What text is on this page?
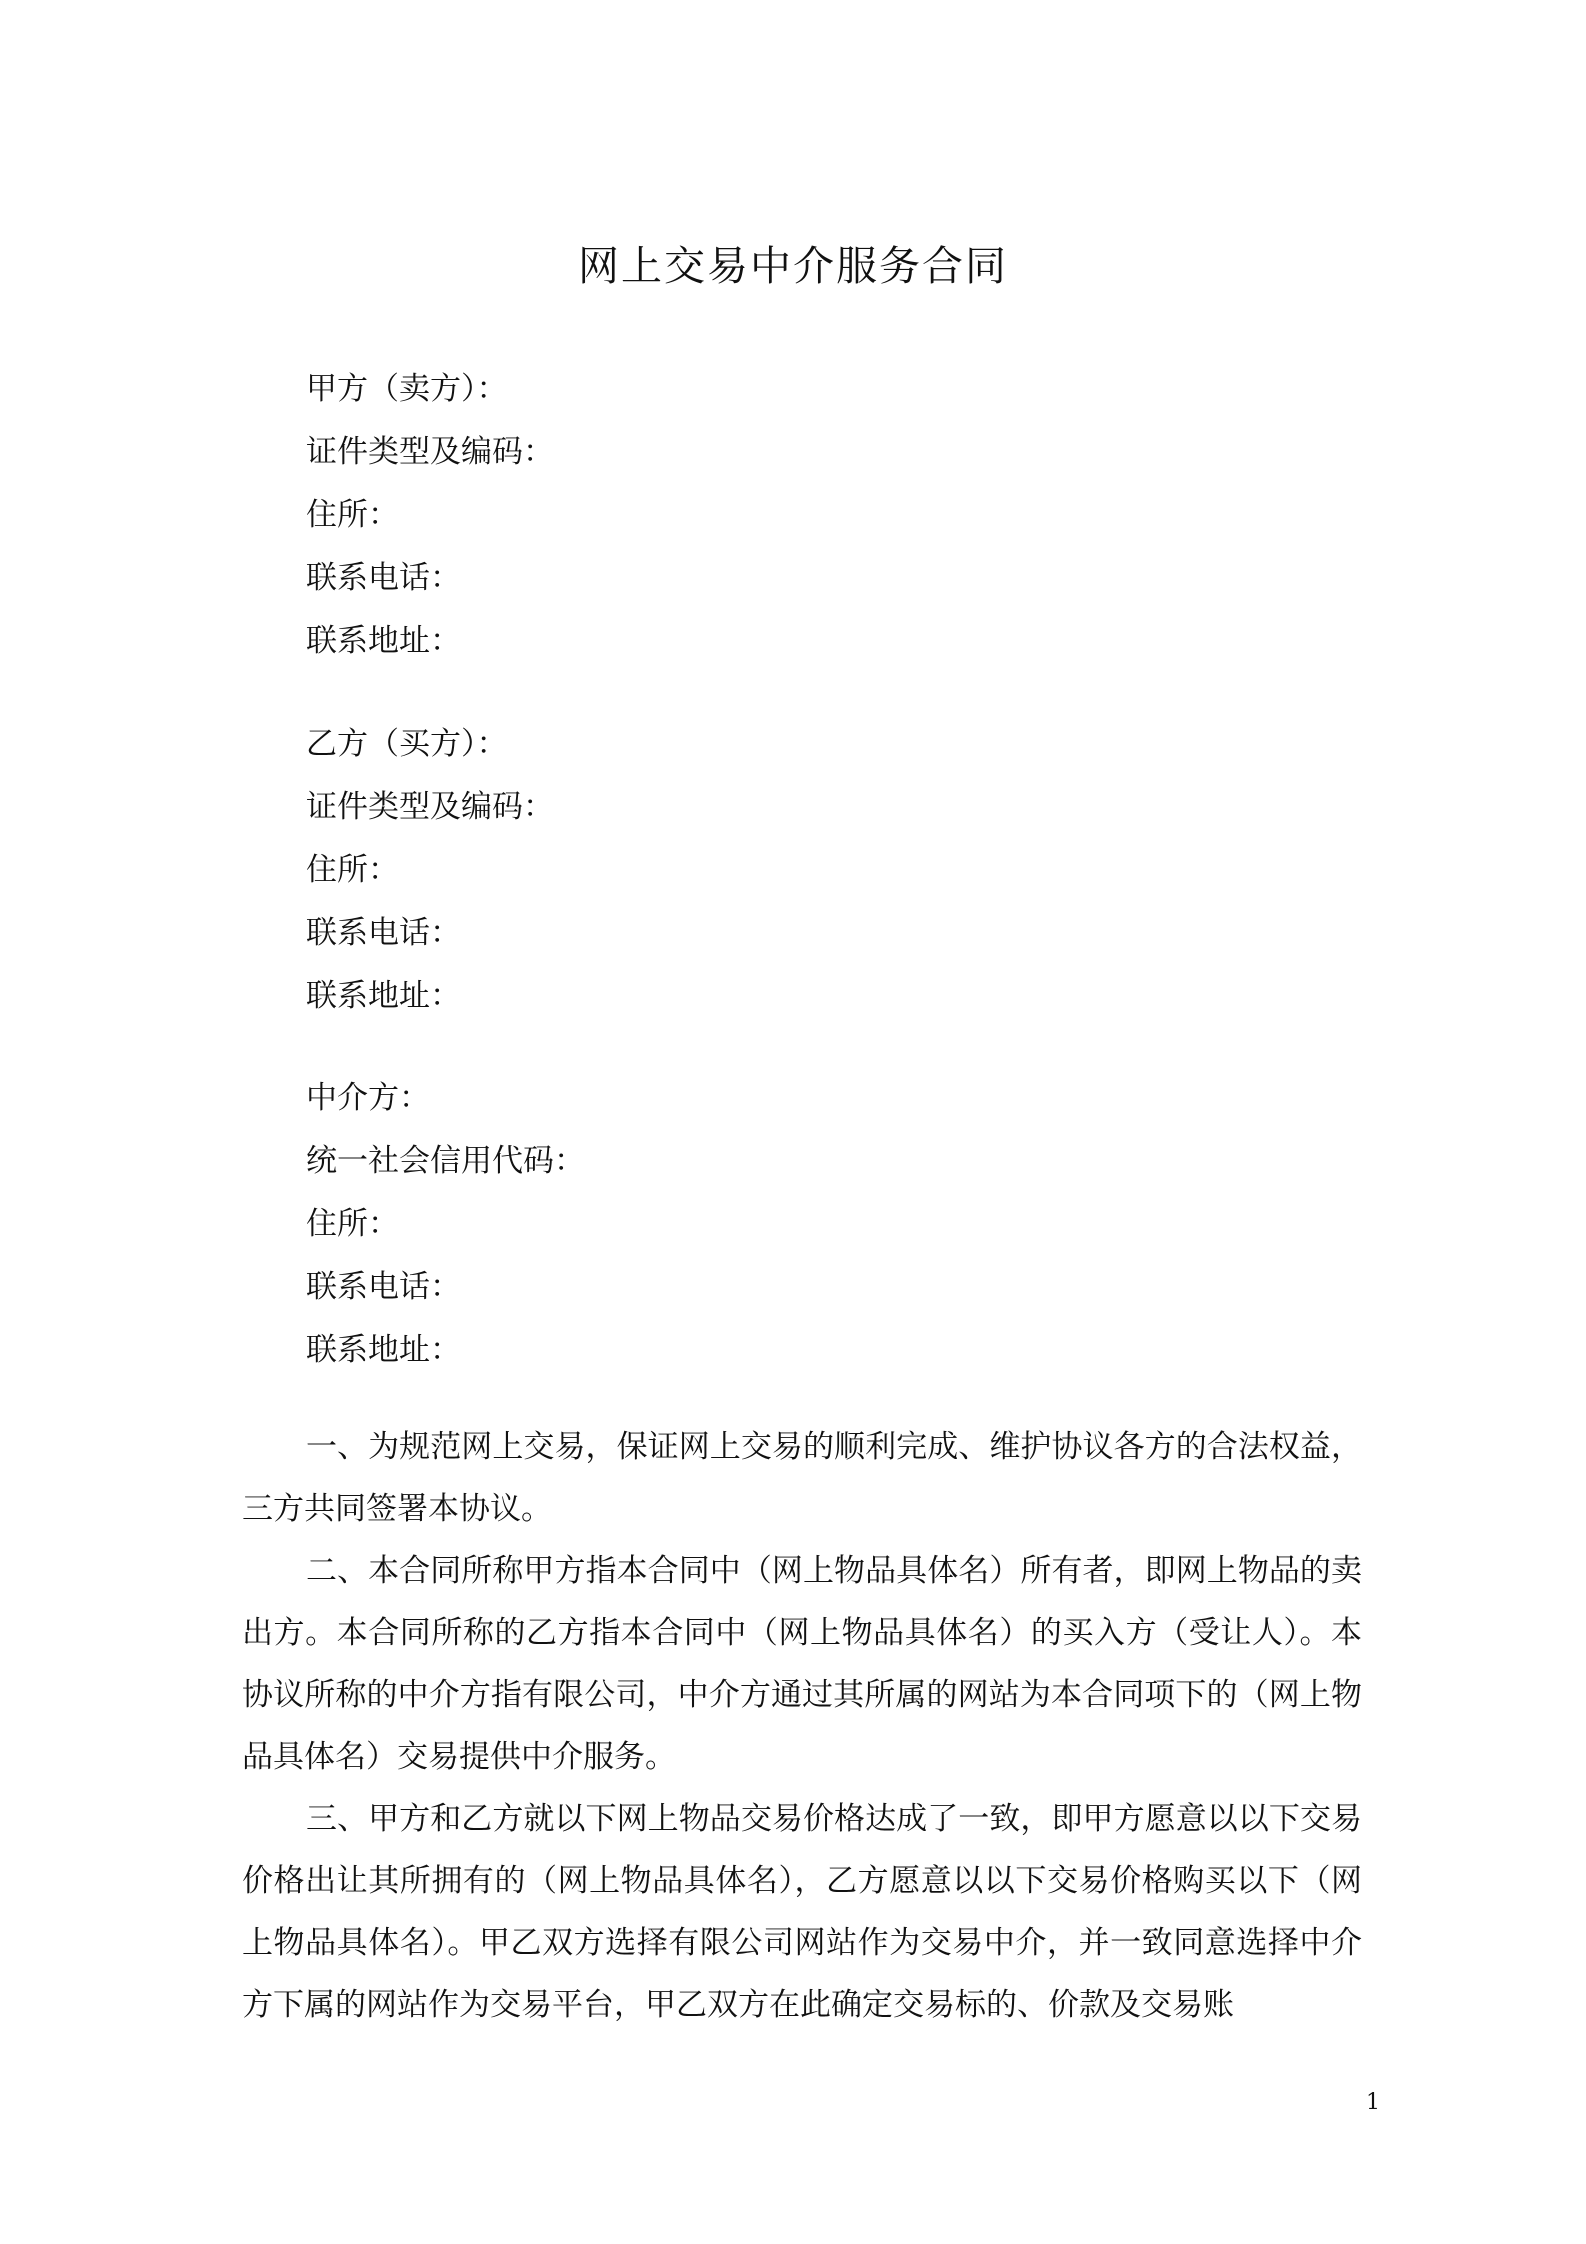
网上交易中介服务合同
甲方（卖方）：
证件类型及编码：
住所：
联系电话：
联系地址：
乙方（买方）：
证件类型及编码：
住所：
联系电话：
联系地址：
中介方：
统一社会信用代码：
住所：
联系电话：
联系地址：

一、为规范网上交易，保证网上交易的顺利完成、维护协议各方的合法权益，三方共同签署本协议。

二、本合同所称甲方指本合同中（网上物品具体名）所有者，即网上物品的卖出方。本合同所称的乙方指本合同中（网上物品具体名）的买入方（受让人）。本协议所称的中介方指有限公司，中介方通过其所属的网站为本合同项下的（网上物品具体名）交易提供中介服务。

三、甲方和乙方就以下网上物品交易价格达成了一致，即甲方愿意以以下交易价格出让其所拥有的（网上物品具体名），乙方愿意以以下交易价格购买以下（网上物品具体名）。甲乙双方选择有限公司网站作为交易中介，并一致同意选择中介方下属的网站作为交易平台，甲乙双方在此确定交易标的、价款及交易账

1
